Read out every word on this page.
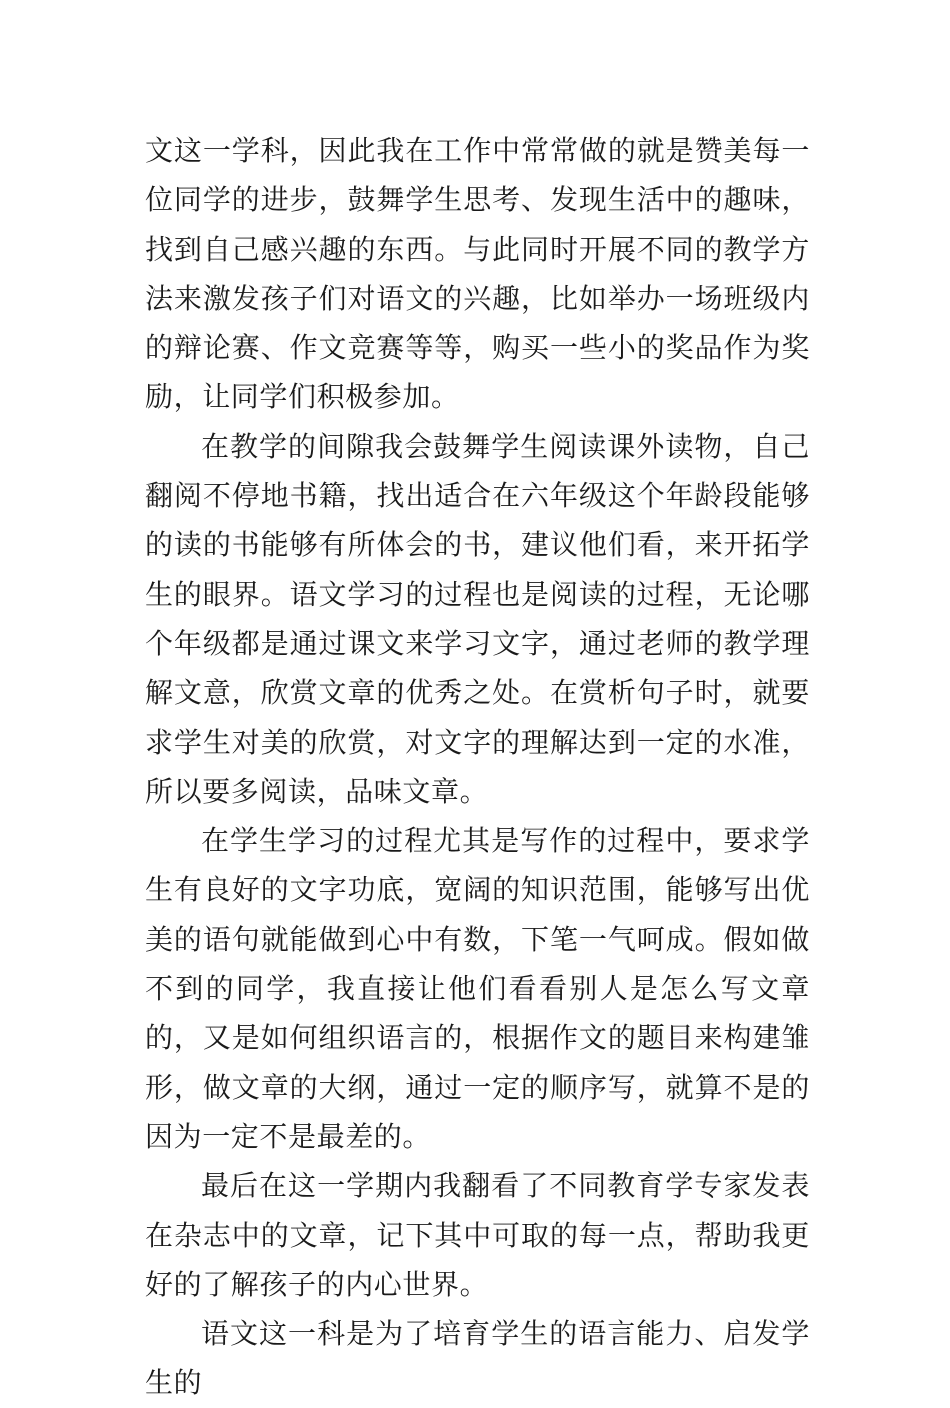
文这一学科，因此我在工作中常常做的就是赞美每一位同学的进步，鼓舞学生思考、发现生活中的趣味，找到自己感兴趣的东西。与此同时开展不同的教学方法来激发孩子们对语文的兴趣，比如举办一场班级内的辩论赛、作文竞赛等等，购买一些小的奖品作为奖励，让同学们积极参加。

在教学的间隙我会鼓舞学生阅读课外读物，自己翻阅不停地书籍，找出适合在六年级这个年龄段能够的读的书能够有所体会的书，建议他们看，来开拓学生的眼界。语文学习的过程也是阅读的过程，无论哪个年级都是通过课文来学习文字，通过老师的教学理解文意，欣赏文章的优秀之处。在赏析句子时，就要求学生对美的欣赏，对文字的理解达到一定的水准，所以要多阅读，品味文章。

在学生学习的过程尤其是写作的过程中，要求学生有良好的文字功底，宽阔的知识范围，能够写出优美的语句就能做到心中有数，下笔一气呵成。假如做不到的同学，我直接让他们看看别人是怎么写文章的，又是如何组织语言的，根据作文的题目来构建雏形，做文章的大纲，通过一定的顺序写，就算不是的因为一定不是最差的。

最后在这一学期内我翻看了不同教育学专家发表在杂志中的文章，记下其中可取的每一点，帮助我更好的了解孩子的内心世界。

语文这一科是为了培育学生的语言能力、启发学生的
